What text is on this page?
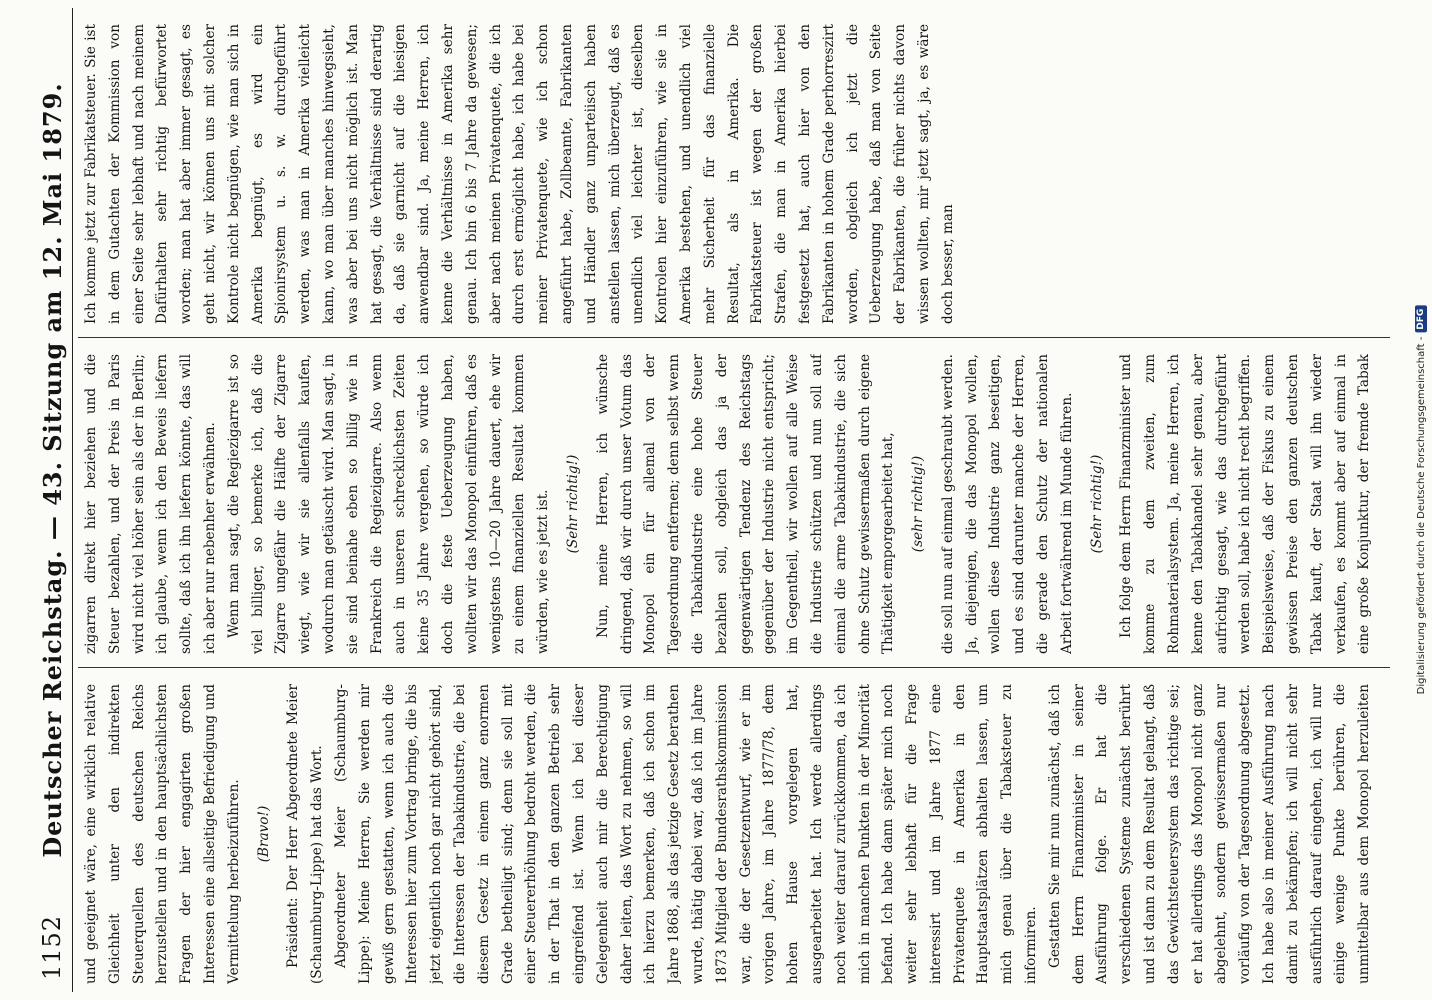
1152
Deutscher Reichstag. — 43. Sitzung am 12. Mai 1879. und geeignet wäre, eine wirklich relative Gleichheit unter den indirekten Steuerquellen des deutschen Reichs herzustellen und in den hauptsächlichsten Fragen der hier engagirten großen Interessen eine allseitige Befriedigung und Vermittelung herbeizuführen.	(Bravo!)	Präsident: Der Herr Abgeordnete Meier (Schaumburg-Lippe) hat das Wort. Abgeordneter Meier (Schaumburg-Lippe): Meine Herren, Sie werden mir gewiß gern gestatten, wenn ich auch die Interessen hier zum Vortrag bringe, die bis jetzt eigentlich noch gar nicht gehört sind, die Interessen der Tabakindustrie, die bei diesem Gesetz in einem ganz enormen Grade betheiligt sind; denn sie soll mit einer Steuererhöhung bedroht werden, die in der That in den ganzen Betrieb sehr eingreifend ist. Wenn ich bei dieser Gelegenheit auch mir die Berechtigung daher leiten, das Wort zu nehmen, so will ich hierzu bemerken, daß ich schon im Jahre 1868, als das jetzige Gesetz berathen wurde, thätig dabei war, daß ich im Jahre 1873 Mitglied der Bundesrathskommission war, die der Gesetzentwurf, wie er im vorigen Jahre, im Jahre 1877/78, dem hohen Hause vorgelegen hat, ausgearbeitet hat. Ich werde allerdings noch weiter darauf zurückkommen, da ich mich in manchen Punkten in der Minorität befand. Ich habe dann später mich noch weiter sehr lebhaft für die Frage interessirt und im Jahre 1877 eine Privatenquete in Amerika in den Hauptstaatsplätzen abhalten lassen, um mich genau über die Tabaksteuer zu informiren. Gestatten Sie mir nun zunächst, daß ich dem Herrn Finanzminister in seiner Ausführung folge. Er hat die verschiedenen Systeme zunächst berührt und ist dann zu dem Resultat gelangt, daß das Gewichtsteuersystem das richtige sei; er hat allerdings das Monopol nicht ganz abgelehnt, sondern gewissermaßen nur vorläufig von der Tagesordnung abgesetzt. Ich habe also in meiner Ausführung nach damit zu bekämpfen; ich will nicht sehr ausführlich darauf eingehen, ich will nur einige wenige Punkte berühren, die unmittelbar aus dem Monopol herzuleiten

zigarren direkt hier beziehen und die Steuer bezahlen, und der Preis in Paris wird nicht viel höher sein als der in Berlin; ich glaube, wenn ich den Beweis liefern sollte, daß ich ihn liefern könnte, das will ich aber nur nebenher erwähnen. Wenn man sagt, die Regiezigarre ist so viel billiger, so bemerke ich, daß die Zigarre ungefähr die Hälfte der Zigarre wiegt, wie wir sie allenfalls kaufen, wodurch man getäuscht wird. Man sagt, in sie sind beinahe eben so billig wie in Frankreich die Regiezigarre. Also wenn auch in unseren schrecklichsten Zeiten keine 35 Jahre vergehen, so würde ich doch die feste Ueberzeugung haben, wollten wir das Monopol einführen, daß es wenigstens 10—20 Jahre dauert, ehe wir zu einem finanziellen Resultat kommen würden, wie es jetzt ist.	(Sehr richtig!)	Nun, meine Herren, ich wünsche dringend, daß wir durch unser Votum das Monopol ein für allemal von der Tagesordnung entfernen; denn selbst wenn die Tabakindustrie eine hohe Steuer bezahlen soll, obgleich das ja der gegenwärtigen Tendenz des Reichstags gegenüber der Industrie nicht entspricht; im Gegentheil, wir wollen auf alle Weise die Industrie schützen und nun soll auf einmal die arme Tabakindustrie, die sich ohne Schutz gewissermaßen durch eigene Thätigkeit emporgearbeitet hat,	(sehr richtig!)	die soll nun auf einmal geschraubt werden. Ja, diejenigen, die das Monopol wollen, wollen diese Industrie ganz beseitigen, und es sind darunter manche der Herren, die gerade den Schutz der nationalen Arbeit fortwährend im Munde führen.	(Sehr richtig!)

Ich folge dem Herrn Finanzminister und komme zu dem zweiten, zum Rohmaterialsystem. Ja, meine Herren, ich kenne den Tabakhandel sehr genau, aber aufrichtig gesagt, wie das durchgeführt werden soll, habe ich nicht recht begriffen. Beispielsweise, daß der Fiskus zu einem gewissen Preise den ganzen deutschen Tabak kauft, der Staat will ihn wieder verkaufen, es kommt aber auf einmal in eine große Konjunktur, der fremde Tabak

Ich komme jetzt zur Fabrikatsteuer. Sie ist in dem Gutachten der Kommission von einer Seite sehr lebhaft und nach meinem Dafürhalten sehr richtig befürwortet worden; man hat aber immer gesagt, es geht nicht, wir können uns mit solcher Kontrole nicht begnügen, wie man sich in Amerika begnügt, es wird ein Spionirsystem u. s. w. durchgeführt werden, was man in Amerika vielleicht kann, wo man über manches hinwegsieht, was aber bei uns nicht möglich ist. Man hat gesagt, die Verhältnisse sind derartig da, daß sie garnicht auf die hiesigen anwendbar sind. Ja, meine Herren, ich kenne die Verhältnisse in Amerika sehr genau. Ich bin 6 bis 7 Jahre da gewesen; aber nach meinen Privatenquete, die ich durch erst ermöglicht habe, ich habe bei meiner Privatenquete, wie ich schon angeführt habe, Zollbeamte, Fabrikanten und Händler ganz unparteiisch haben anstellen lassen, mich überzeugt, daß es unendlich viel leichter ist, dieselben Kontrolen hier einzuführen, wie sie in Amerika bestehen, und unendlich viel mehr Sicherheit für das finanzielle Resultat, als in Amerika. Die Fabrikatsteuer ist wegen der großen Strafen, die man in Amerika hierbei festgesetzt hat, auch hier von den Fabrikanten in hohem Grade perhorreszirt worden, obgleich ich jetzt die Ueberzeugung habe, daß man von Seite der Fabrikanten, die früher nichts davon wissen wollten, mir jetzt sagt, ja, es wäre doch besser, man

Digitalisierung gefördert durch die Deutsche Forschungsgemeinschaft -
DFG
